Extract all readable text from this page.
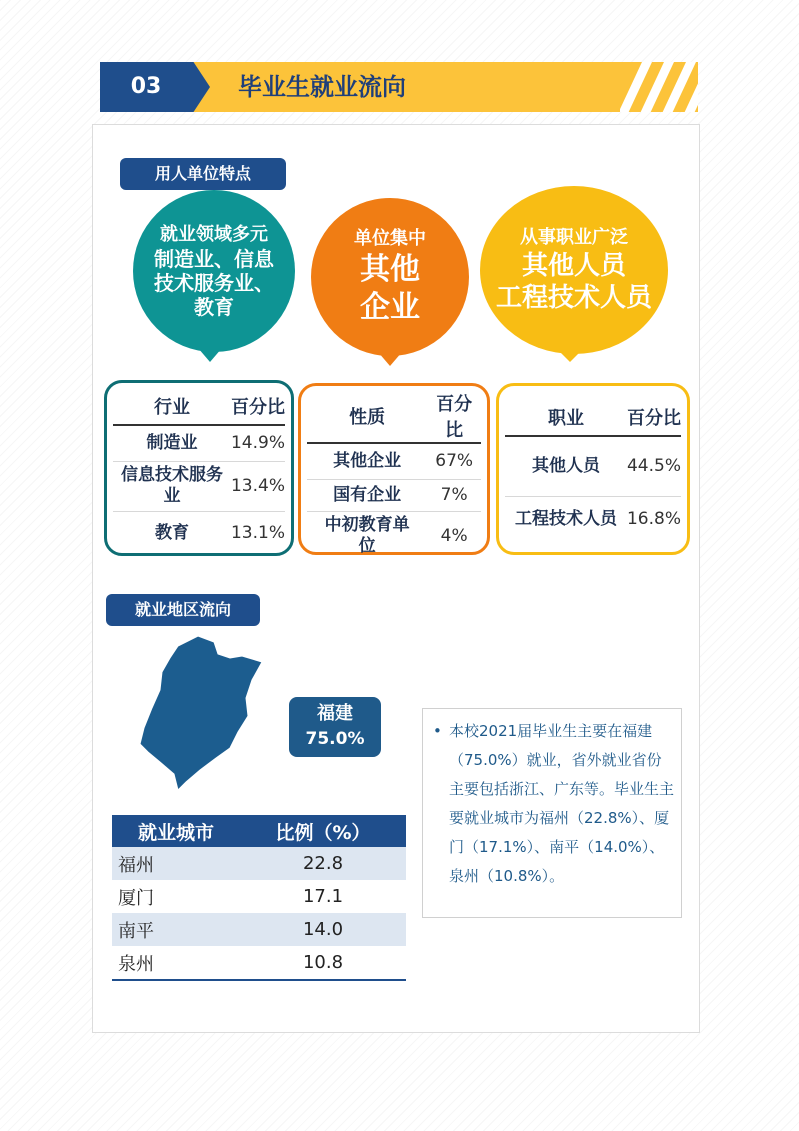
03	毕业生就业流向
用人单位特点
就业领域多元
制造业、信息
技术服务业、
教育
单位集中
其他
企业
从事职业广泛
其他人员
工程技术人员
行业	百分比
制造业	14.9%
信息技术服务业	13.4%
教育	13.1%
性质	百分比
其他企业	67%
国有企业	7%
中初教育单位	4%
职业	百分比
其他人员	44.5%
工程技术人员	16.8%
就业地区流向
福建
75.0%
就业城市	比例（%）
福州	22.8
厦门	17.1
南平	14.0
泉州	10.8
• 本校2021届毕业生主要在福建（75.0%）就业，省外就业省份主要包括浙江、广东等。毕业生主要就业城市为福州（22.8%）、厦门（17.1%）、南平（14.0%）、泉州（10.8%）。
